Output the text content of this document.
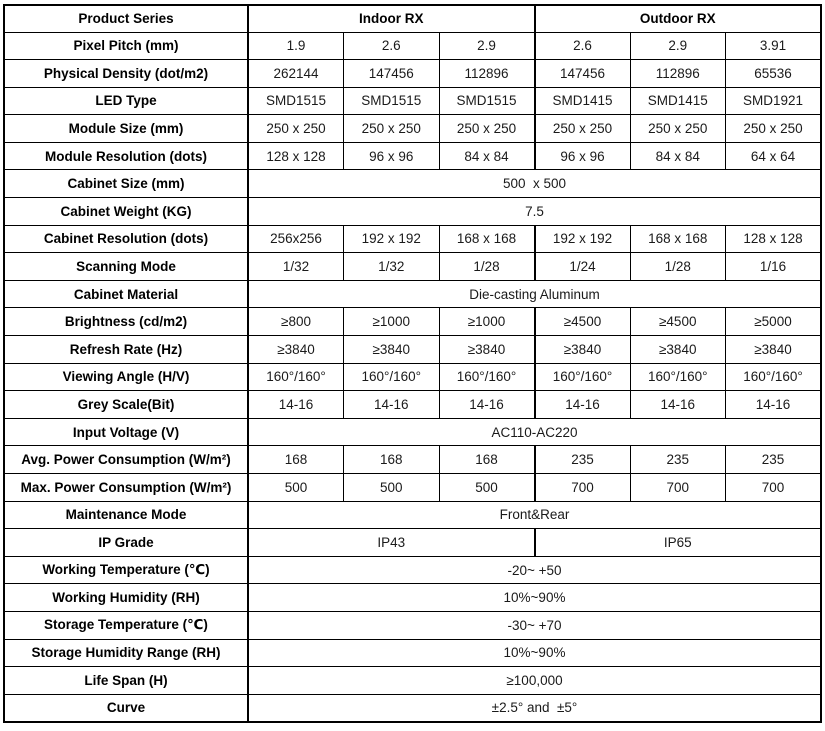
Product Series	Indoor RX			Outdoor RX		
Pixel Pitch (mm)	1.9	2.6	2.9	2.6	2.9	3.91
Physical Density (dot/m2)	262144	147456	112896	147456	112896	65536
LED Type	SMD1515	SMD1515	SMD1515	SMD1415	SMD1415	SMD1921
Module Size (mm)	250 x 250	250 x 250	250 x 250	250 x 250	250 x 250	250 x 250
Module Resolution (dots)	128 x 128	96 x 96	84 x 84	96 x 96	84 x 84	64 x 64
Cabinet Size (mm)	500  x 500					
Cabinet Weight (KG)	7.5					
Cabinet Resolution (dots)	256x256	192 x 192	168 x 168	192 x 192	168 x 168	128 x 128
Scanning Mode	1/32	1/32	1/28	1/24	1/28	1/16
Cabinet Material	Die-casting Aluminum					
Brightness (cd/m2)	≥800	≥1000	≥1000	≥4500	≥4500	≥5000
Refresh Rate (Hz)	≥3840	≥3840	≥3840	≥3840	≥3840	≥3840
Viewing Angle (H/V)	160°/160°	160°/160°	160°/160°	160°/160°	160°/160°	160°/160°
Grey Scale(Bit)	14-16	14-16	14-16	14-16	14-16	14-16
Input Voltage (V)	AC110-AC220					
Avg. Power Consumption (W/m²)	168	168	168	235	235	235
Max. Power Consumption (W/m²)	500	500	500	700	700	700
Maintenance Mode	Front&Rear					
IP Grade	IP43			IP65		
Working Temperature (℃)	-20~ +50					
Working Humidity (RH)	10%~90%					
Storage Temperature (℃)	-30~ +70					
Storage Humidity Range (RH)	10%~90%					
Life Span (H)	≥100,000					
Curve	±2.5° and  ±5°					
